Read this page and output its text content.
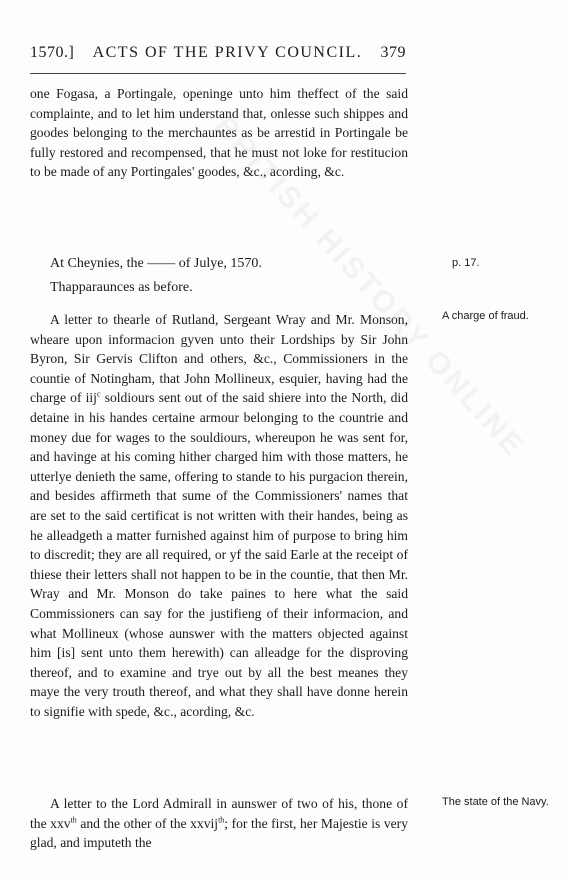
1570.] ACTS OF THE PRIVY COUNCIL. 379

one Fogasa, a Portingale, openinge unto him theffect of the said complainte, and to let him understand that, onlesse such shippes and goodes belonging to the merchauntes as be arrestid in Portingale be fully restored and recompensed, that he must not loke for restitucion to be made of any Portingales' goodes, &c., acording, &c.

At Cheynies, the —— of Julye, 1570.	p. 17.
Thapparaunces as before.

A letter to thearle of Rutland, Sergeant Wray and Mr. Monson, wheare upon informacion gyven unto their Lordships by Sir John Byron, Sir Gervis Clifton and others, &c., Commissioners in the countie of Notingham, that John Mollineux, esquier, having had the charge of iij$^c$ soldiours sent out of the said shiere into the North, did detaine in his handes certaine armour belonging to the countrie and money due for wages to the souldiours, whereupon he was sent for, and havinge at his coming hither charged him with those matters, he utterlye denieth the same, offering to stande to his purgacion therein, and besides affirmeth that sume of the Commissioners' names that are set to the said certificat is not written with their handes, being as he alleadgeth a matter furnished against him of purpose to bring him to discredit; they are all required, or yf the said Earle at the receipt of thiese their letters shall not happen to be in the countie, that then Mr. Wray and Mr. Monson do take paines to here what the said Commissioners can say for the justifieng of their informacion, and what Mollineux (whose aunswer with the matters objected against him [is] sent unto them herewith) can alleadge for the disproving thereof, and to examine and trye out by all the best meanes they maye the very trouth thereof, and what they shall have donne herein to signifie with spede, &c., acording, &c.

A charge of fraud.

A letter to the Lord Admirall in aunswer of two of his, thone of the xxv$^{th}$ and the other of the xxvij$^{th}$; for the first, her Majestie is very glad, and imputeth the

The state of the Navy.
